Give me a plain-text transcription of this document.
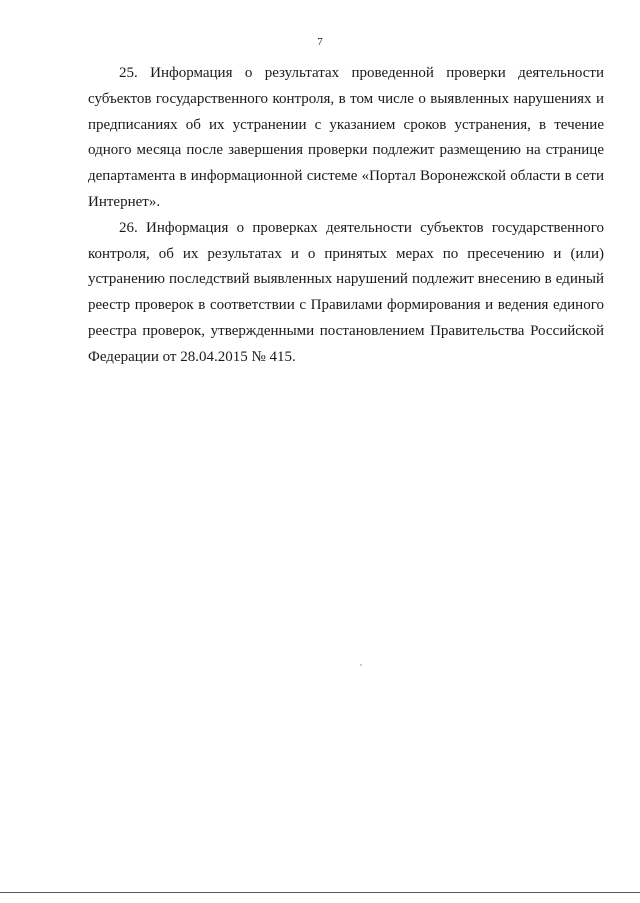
7

25. Информация о результатах проведенной проверки деятельности субъектов государственного контроля, в том числе о выявленных нарушениях и предписаниях об их устранении с указанием сроков устранения, в течение одного месяца после завершения проверки подлежит размещению на странице департамента в информационной системе «Портал Воронежской области в сети Интернет».

26. Информация о проверках деятельности субъектов государственного контроля, об их результатах и о принятых мерах по пресечению и (или) устранению последствий выявленных нарушений подлежит внесению в единый реестр проверок в соответствии с Правилами формирования и ведения единого реестра проверок, утвержденными постановлением Правительства Российской Федерации от 28.04.2015 № 415.
